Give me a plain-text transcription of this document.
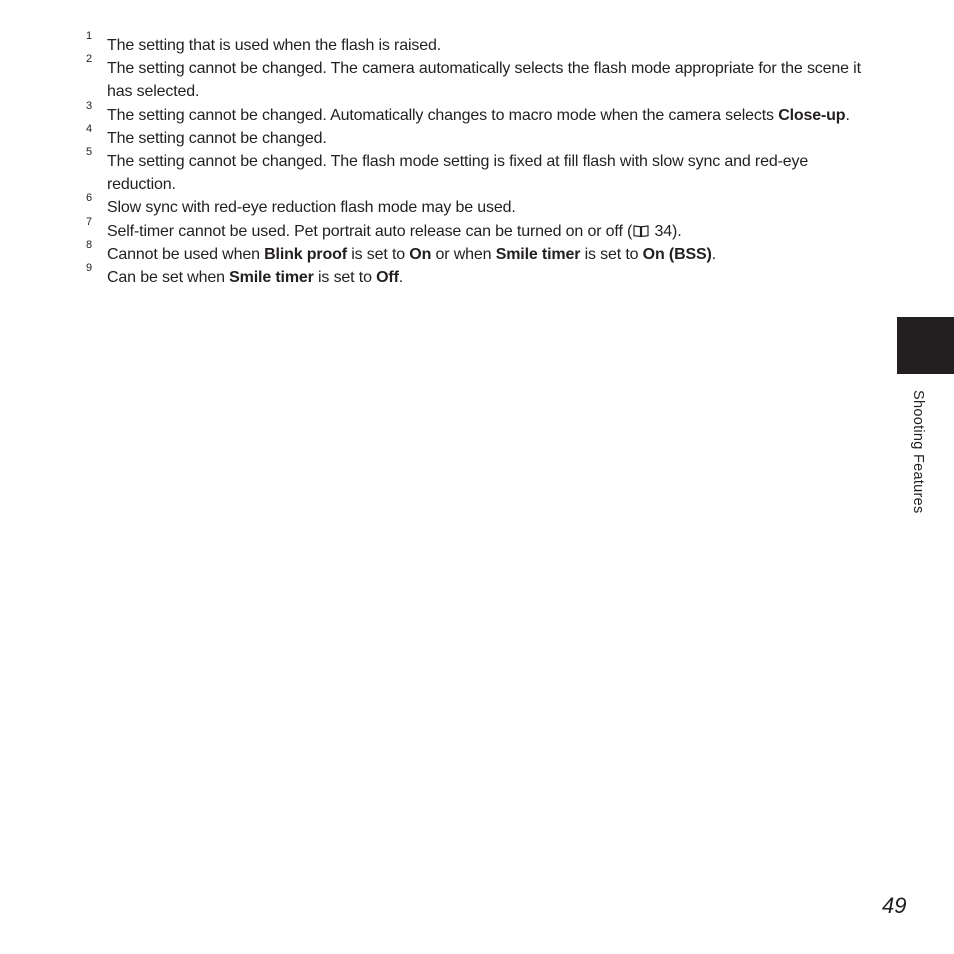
1
The setting that is used when the flash is raised.
2
The setting cannot be changed. The camera automatically selects the flash mode appropriate for the scene it has selected.
3
The setting cannot be changed. Automatically changes to macro mode when the camera selects Close-up.
4
The setting cannot be changed.
5
The setting cannot be changed. The flash mode setting is fixed at fill flash with slow sync and red-eye reduction.
6
Slow sync with red-eye reduction flash mode may be used.
7
Self-timer cannot be used. Pet portrait auto release can be turned on or off ( 34).
8
Cannot be used when Blink proof is set to On or when Smile timer is set to On (BSS).
9
Can be set when Smile timer is set to Off.
Shooting Features
49
